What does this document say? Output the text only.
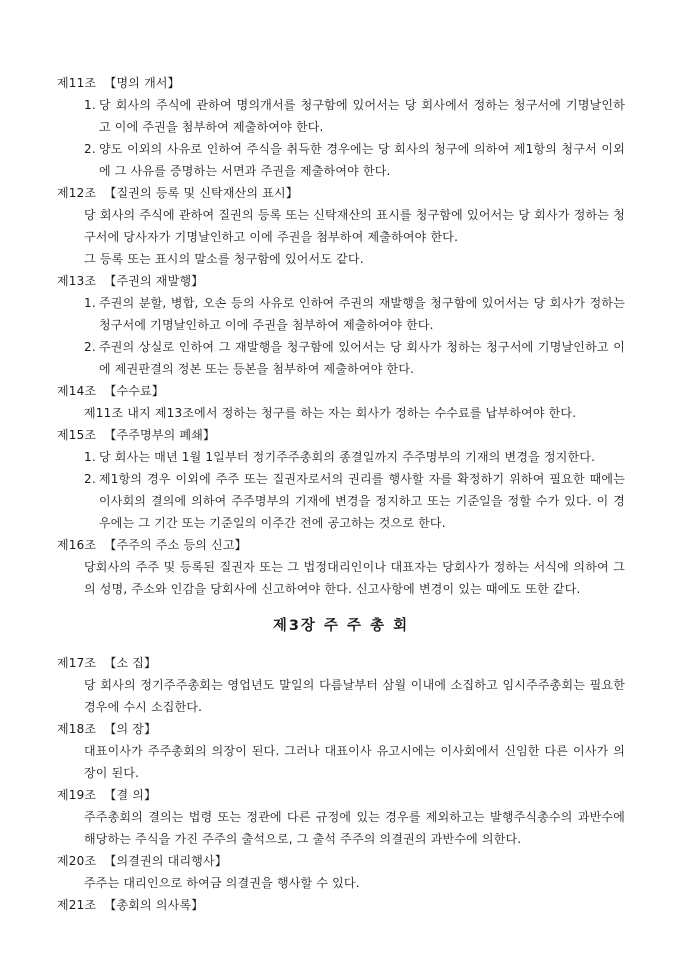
제11조 【명의 개서】
1. 당 회사의 주식에 관하여 명의개서를 청구함에 있어서는 당 회사에서 정하는 청구서에 기명날인하고 이에 주권을 첨부하여 제출하여야 한다.
2. 양도 이외의 사유로 인하여 주식을 취득한 경우에는 당 회사의 청구에 의하여 제1항의 청구서 이외에 그 사유를 증명하는 서면과 주권을 제출하여야 한다.
제12조 【질권의 등록 및 신탁재산의 표시】
당 회사의 주식에 관하여 질권의 등록 또는 신탁재산의 표시를 청구함에 있어서는 당 회사가 정하는 청구서에 당사자가 기명날인하고 이에 주권을 첨부하여 제출하여야 한다.
그 등록 또는 표시의 말소를 청구함에 있어서도 같다.
제13조 【주권의 재발행】
1. 주권의 분할, 병합, 오손 등의 사유로 인하여 주권의 재발행을 청구함에 있어서는 당 회사가 정하는 청구서에 기명날인하고 이에 주권을 첨부하여 제출하여야 한다.
2. 주권의 상실로 인하여 그 재발행을 청구함에 있어서는 당 회사가 청하는 청구서에 기명날인하고 이에 제권판결의 정본 또는 등본을 첨부하여 제출하여야 한다.
제14조 【수수료】
제11조 내지 제13조에서 정하는 청구를 하는 자는 회사가 정하는 수수료를 납부하여야 한다.
제15조 【주주명부의 폐쇄】
1. 당 회사는 매년 1월 1일부터 정기주주총회의 종결일까지 주주명부의 기재의 변경을 정지한다.
2. 제1항의 경우 이외에 주주 또는 질권자로서의 권리를 행사할 자를 확정하기 위하여 필요한 때에는 이사회의 결의에 의하여 주주명부의 기재에 변경을 정지하고 또는 기준일을 정할 수가 있다. 이 경우에는 그 기간 또는 기준일의 이주간 전에 공고하는 것으로 한다.
제16조 【주주의 주소 등의 신고】
당회사의 주주 및 등록된 질권자 또는 그 법정대리인이나 대표자는 당회사가 정하는 서식에 의하여 그의 성명, 주소와 인감을 당회사에 신고하여야 한다. 신고사항에 변경이 있는 때에도 또한 같다.
제3장 주 주 총 회
제17조 【소 집】
당 회사의 정기주주총회는 영업년도 말일의 다름날부터 삼월 이내에 소집하고 임시주주총회는 필요한 경우에 수시 소집한다.
제18조 【의 장】
대표이사가 주주총회의 의장이 된다. 그러나 대표이사 유고시에는 이사회에서 신임한 다른 이사가 의장이 된다.
제19조 【결 의】
주주총회의 결의는 법령 또는 정관에 다른 규정에 있는 경우를 제외하고는 발행주식총수의 과반수에 해당하는 주식을 가진 주주의 출석으로, 그 출석 주주의 의결권의 과반수에 의한다.
제20조 【의결권의 대리행사】
주주는 대리인으로 하여금 의결권을 행사할 수 있다.
제21조 【총회의 의사록】
